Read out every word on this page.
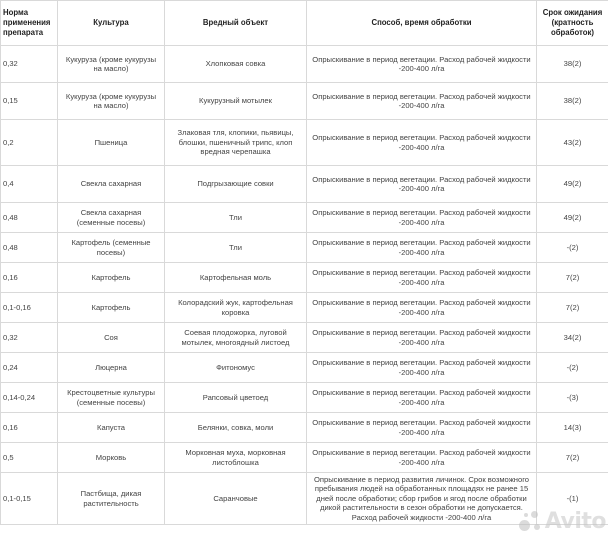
Норма применения препарата	Культура	Вредный объект	Способ, время обработки	Срок ожидания (кратность обработок)
0,32	Кукуруза (кроме кукурузы на масло)	Хлопковая совка	Опрыскивание в период вегетации. Расход рабочей жидкости -200-400 л/га	38(2)
0,15	Кукуруза (кроме кукурузы на масло)	Кукурузный мотылек	Опрыскивание в период вегетации. Расход рабочей жидкости -200-400 л/га	38(2)
0,2	Пшеница	Злаковая тля, клопики, пьявицы, блошки, пшеничный трипс, клоп вредная черепашка	Опрыскивание в период вегетации. Расход рабочей жидкости -200-400 л/га	43(2)
0,4	Свекла сахарная	Подгрызающие совки	Опрыскивание в период вегетации. Расход рабочей жидкости -200-400 л/га	49(2)
0,48	Свекла сахарная (семенные посевы)	Тли	Опрыскивание в период вегетации. Расход рабочей жидкости -200-400 л/га	49(2)
0,48	Картофель (семенные посевы)	Тли	Опрыскивание в период вегетации. Расход рабочей жидкости -200-400 л/га	-(2)
0,16	Картофель	Картофельная моль	Опрыскивание в период вегетации. Расход рабочей жидкости -200-400 л/га	7(2)
0,1-0,16	Картофель	Колорадский жук, картофельная коровка	Опрыскивание в период вегетации. Расход рабочей жидкости -200-400 л/га	7(2)
0,32	Соя	Соевая плодожорка, луговой мотылек, многоядный листоед	Опрыскивание в период вегетации. Расход рабочей жидкости -200-400 л/га	34(2)
0,24	Люцерна	Фитономус	Опрыскивание в период вегетации. Расход рабочей жидкости -200-400 л/га	-(2)
0,14-0,24	Крестоцветные культуры (семенные посевы)	Рапсовый цветоед	Опрыскивание в период вегетации. Расход рабочей жидкости -200-400 л/га	-(3)
0,16	Капуста	Белянки, совка, моли	Опрыскивание в период вегетации. Расход рабочей жидкости -200-400 л/га	14(3)
0,5	Морковь	Морковная муха, морковная листоблошка	Опрыскивание в период вегетации. Расход рабочей жидкости -200-400 л/га	7(2)
0,1-0,15	Пастбища, дикая растительность	Саранчовые	Опрыскивание в период развития личинок. Срок возможного пребывания людей на обработанных площадях не ранее 15 дней после обработки; сбор грибов и ягод после обработки дикой растительности в сезон обработки не допускается. Расход рабочей жидкости -200-400 л/га	-(1)
Avito
